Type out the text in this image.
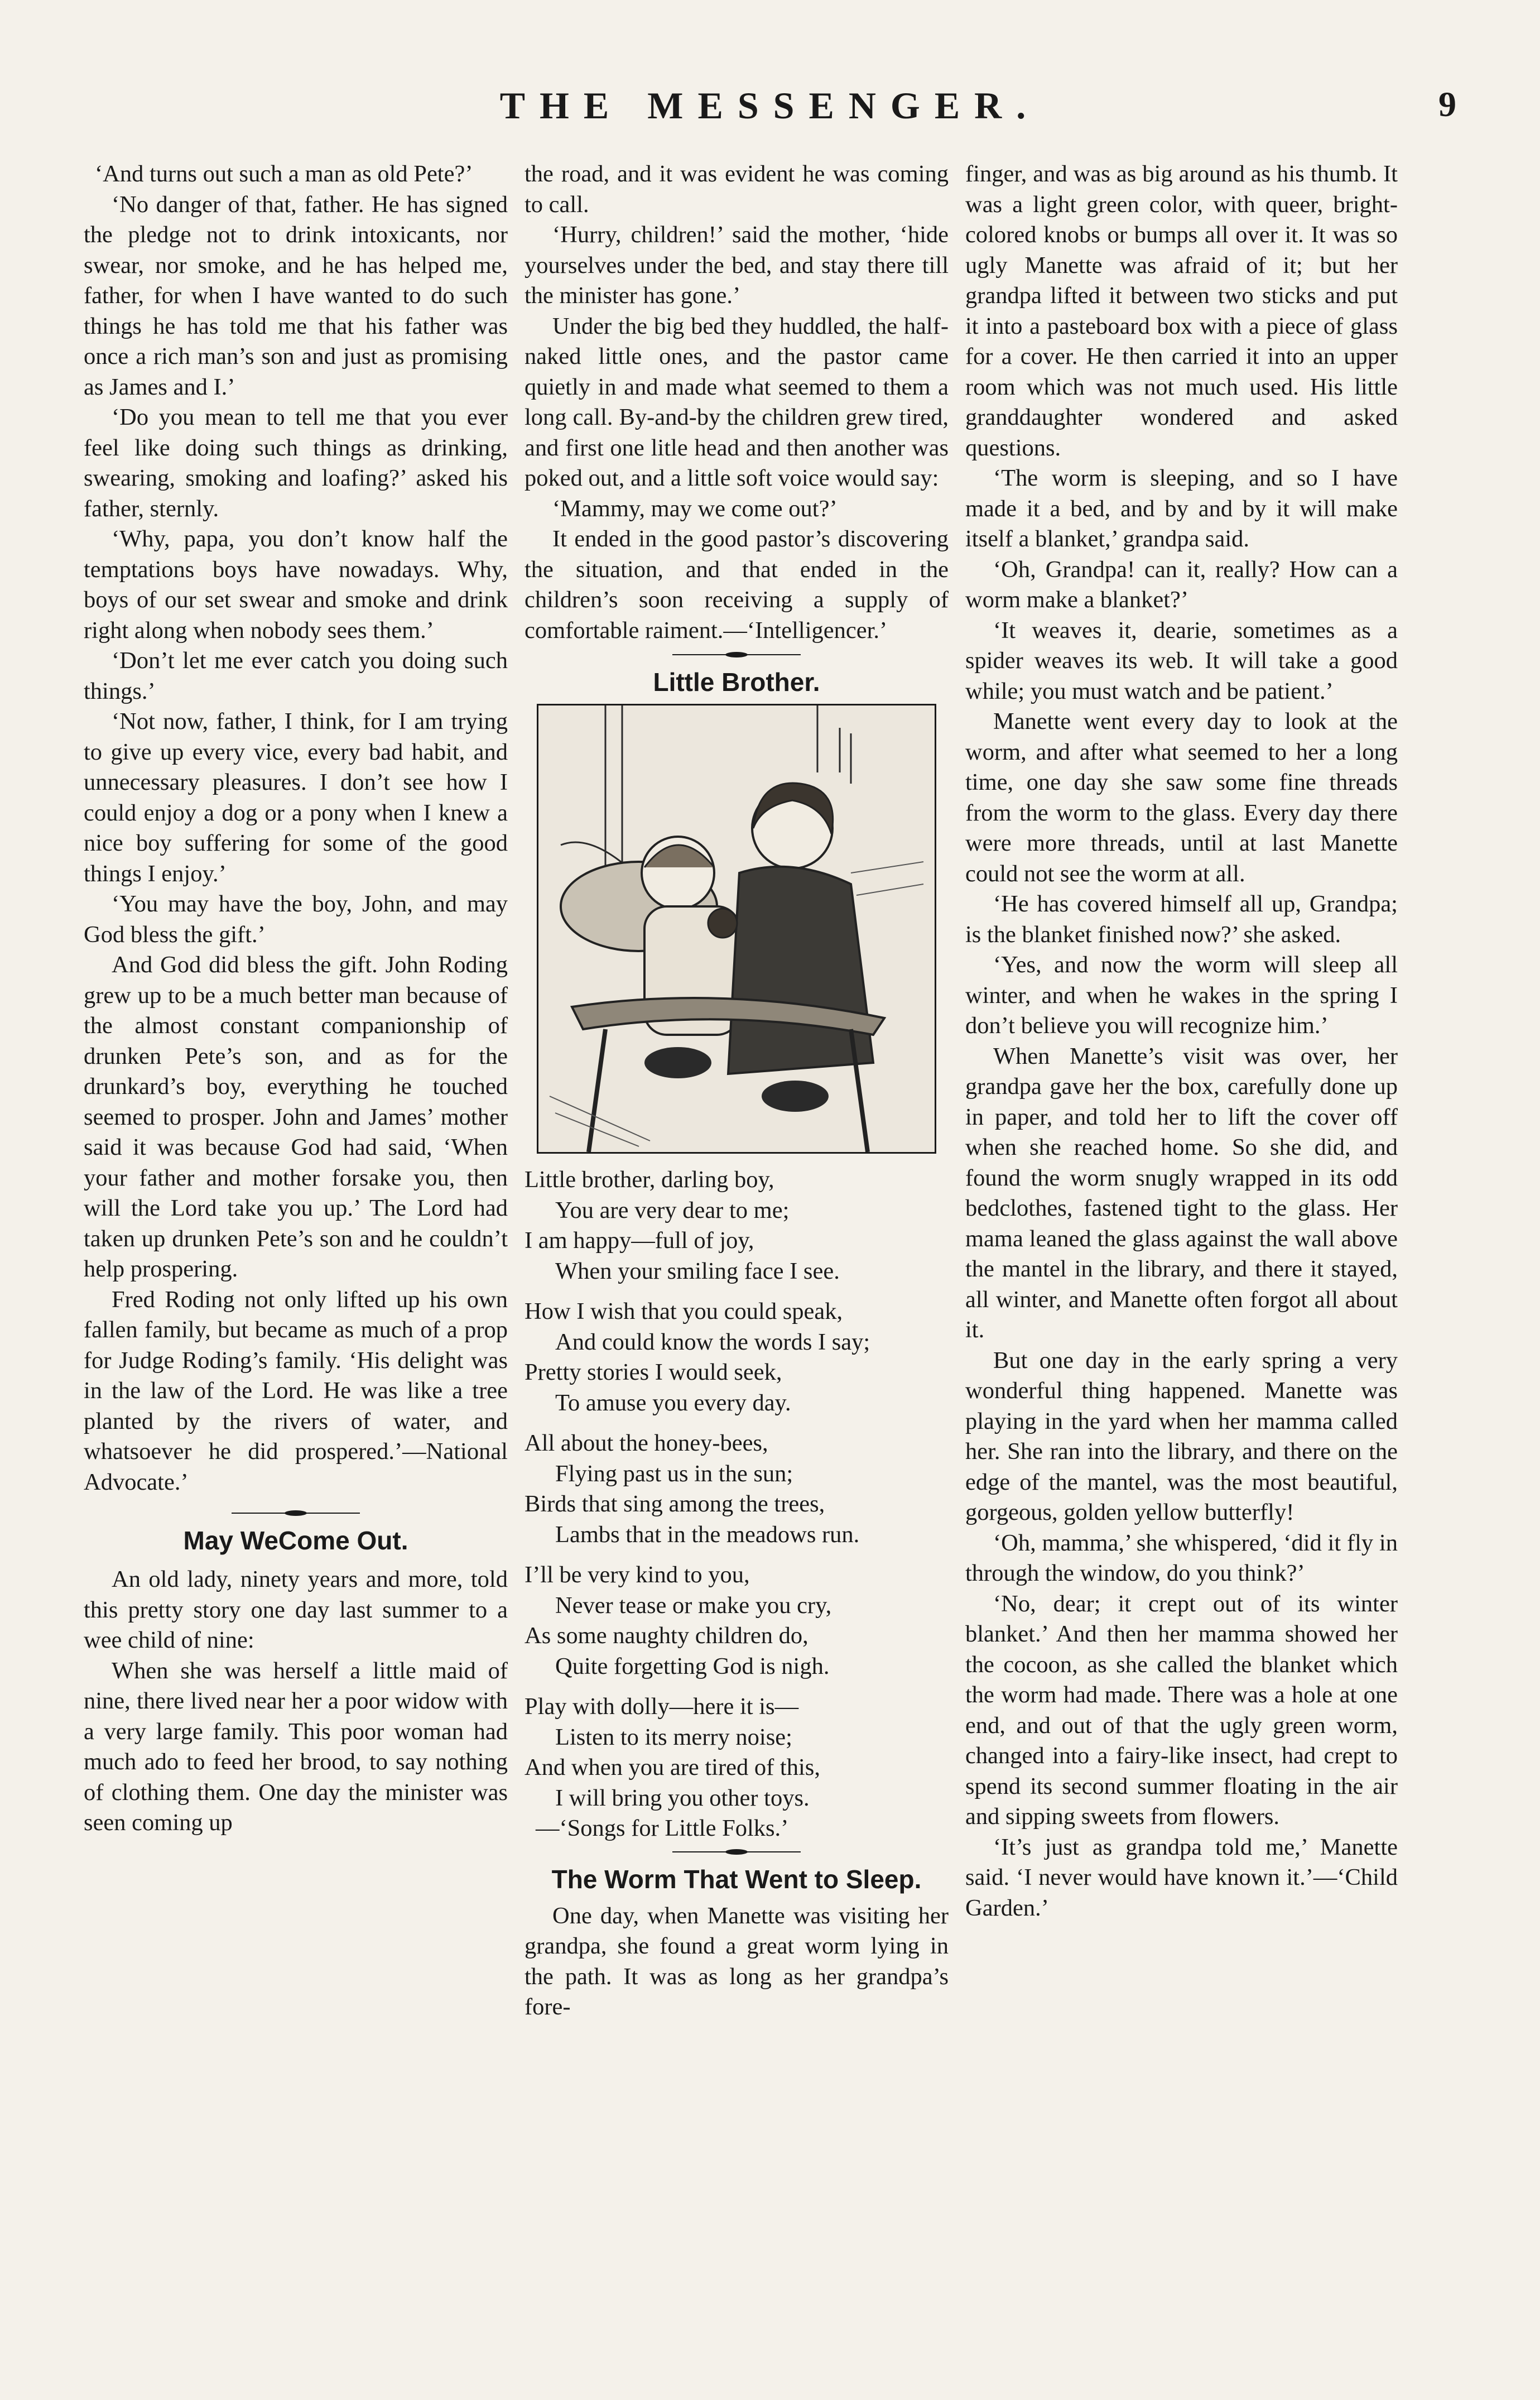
THE MESSENGER.	9

‘And turns out such a man as old Pete?’

‘No danger of that, father. He has signed the pledge not to drink intoxicants, nor swear, nor smoke, and he has helped me, father, for when I have wanted to do such things he has told me that his father was once a rich man’s son and just as promising as James and I.’

‘Do you mean to tell me that you ever feel like doing such things as drinking, swearing, smoking and loafing?’ asked his father, sternly.

‘Why, papa, you don’t know half the temptations boys have nowadays. Why, boys of our set swear and smoke and drink right along when nobody sees them.’

‘Don’t let me ever catch you doing such things.’

‘Not now, father, I think, for I am trying to give up every vice, every bad habit, and unnecessary pleasures. I don’t see how I could enjoy a dog or a pony when I knew a nice boy suffering for some of the good things I enjoy.’

‘You may have the boy, John, and may God bless the gift.’

And God did bless the gift. John Roding grew up to be a much better man because of the almost constant companionship of drunken Pete’s son, and as for the drunkard’s boy, everything he touched seemed to prosper. John and James’ mother said it was because God had said, ‘When your father and mother forsake you, then will the Lord take you up.’ The Lord had taken up drunken Pete’s son and he couldn’t help prospering.

Fred Roding not only lifted up his own fallen family, but became as much of a prop for Judge Roding’s family. ‘His delight was in the law of the Lord. He was like a tree planted by the rivers of water, and whatsoever he did prospered.’—National Advocate.’

May WeCome Out.

An old lady, ninety years and more, told this pretty story one day last summer to a wee child of nine:

When she was herself a little maid of nine, there lived near her a poor widow with a very large family. This poor woman had much ado to feed her brood, to say nothing of clothing them. One day the minister was seen coming up

the road, and it was evident he was coming to call.

‘Hurry, children!’ said the mother, ‘hide yourselves under the bed, and stay there till the minister has gone.’

Under the big bed they huddled, the half-naked little ones, and the pastor came quietly in and made what seemed to them a long call. By-and-by the children grew tired, and first one litle head and then another was poked out, and a little soft voice would say:

‘Mammy, may we come out?’

It ended in the good pastor’s discovering the situation, and that ended in the children’s soon receiving a supply of comfortable raiment.—‘Intelligencer.’

Little Brother.
Little brother, darling boy,
You are very dear to me;
I am happy—full of joy,
When your smiling face I see.
How I wish that you could speak,
And could know the words I say;
Pretty stories I would seek,
To amuse you every day.
All about the honey-bees,
Flying past us in the sun;
Birds that sing among the trees,
Lambs that in the meadows run.
I’ll be very kind to you,
Never tease or make you cry,
As some naughty children do,
Quite forgetting God is nigh.
Play with dolly—here it is—
Listen to its merry noise;
And when you are tired of this,
I will bring you other toys.
—‘Songs for Little Folks.’
The Worm That Went to Sleep.

One day, when Manette was visiting her grandpa, she found a great worm lying in the path. It was as long as her grandpa’s fore-

finger, and was as big around as his thumb. It was a light green color, with queer, bright-colored knobs or bumps all over it. It was so ugly Manette was afraid of it; but her grandpa lifted it between two sticks and put it into a pasteboard box with a piece of glass for a cover. He then carried it into an upper room which was not much used. His little granddaughter wondered and asked questions.

‘The worm is sleeping, and so I have made it a bed, and by and by it will make itself a blanket,’ grandpa said.

‘Oh, Grandpa! can it, really? How can a worm make a blanket?’

‘It weaves it, dearie, sometimes as a spider weaves its web. It will take a good while; you must watch and be patient.’

Manette went every day to look at the worm, and after what seemed to her a long time, one day she saw some fine threads from the worm to the glass. Every day there were more threads, until at last Manette could not see the worm at all.

‘He has covered himself all up, Grandpa; is the blanket finished now?’ she asked.

‘Yes, and now the worm will sleep all winter, and when he wakes in the spring I don’t believe you will recognize him.’

When Manette’s visit was over, her grandpa gave her the box, carefully done up in paper, and told her to lift the cover off when she reached home. So she did, and found the worm snugly wrapped in its odd bedclothes, fastened tight to the glass. Her mama leaned the glass against the wall above the mantel in the library, and there it stayed, all winter, and Manette often forgot all about it.

But one day in the early spring a very wonderful thing happened. Manette was playing in the yard when her mamma called her. She ran into the library, and there on the edge of the mantel, was the most beautiful, gorgeous, golden yellow butterfly!

‘Oh, mamma,’ she whispered, ‘did it fly in through the window, do you think?’

‘No, dear; it crept out of its winter blanket.’ And then her mamma showed her the cocoon, as she called the blanket which the worm had made. There was a hole at one end, and out of that the ugly green worm, changed into a fairy-like insect, had crept to spend its second summer floating in the air and sipping sweets from flowers.

‘It’s just as grandpa told me,’ Manette said. ‘I never would have known it.’—‘Child Garden.’
